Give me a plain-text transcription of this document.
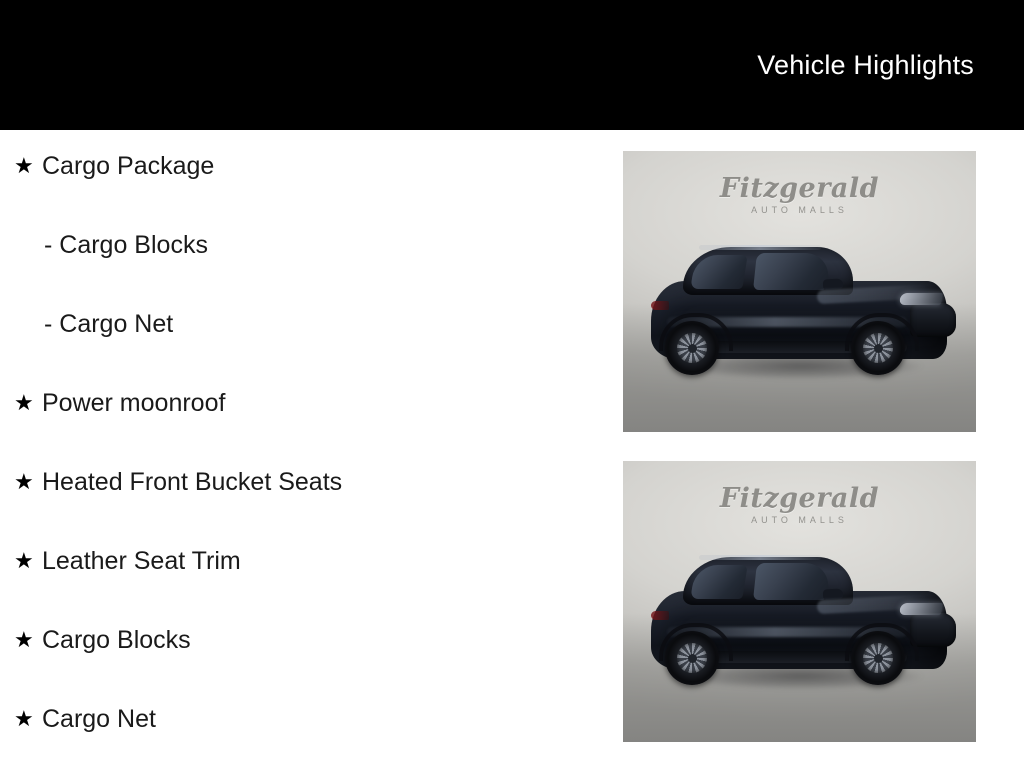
Vehicle Highlights
★ Cargo Package
- Cargo Blocks
- Cargo Net
★ Power moonroof
★ Heated Front Bucket Seats
★ Leather Seat Trim
★ Cargo Blocks
★ Cargo Net
Fitzgerald
AUTO MALLS
Fitzgerald
AUTO MALLS
